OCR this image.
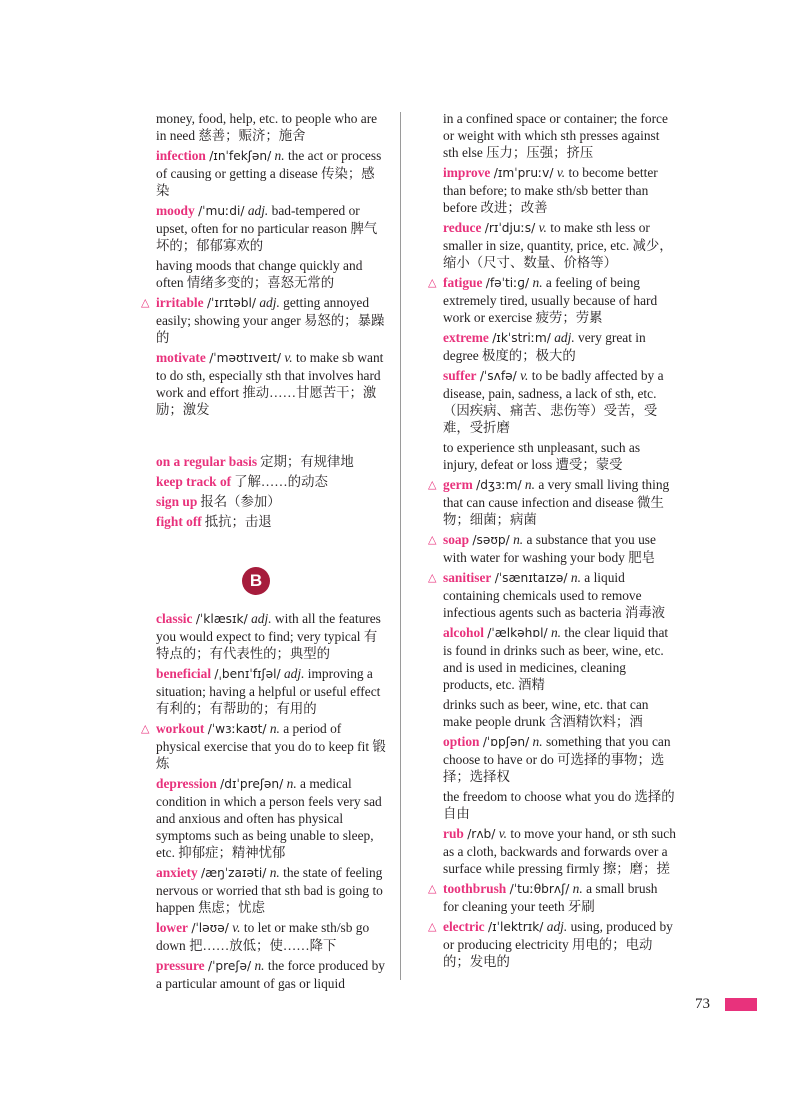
money, food, help, etc. to people who are in need 慈善；赈济；施舍

infection /ɪnˈfekʃən/ n. the act or process of causing or getting a disease 传染；感染

moody /ˈmuːdi/ adj. bad-tempered or upset, often for no particular reason 脾气坏的；郁郁寡欢的

having moods that change quickly and often 情绪多变的；喜怒无常的

△ irritable /ˈɪrɪtəbl/ adj. getting annoyed easily; showing your anger 易怒的；暴躁的

motivate /ˈməʊtɪveɪt/ v. to make sb want to do sth, especially sth that involves hard work and effort 推动……甘愿苦干；激励；激发

on a regular basis 定期；有规律地
keep track of 了解……的动态
sign up 报名（参加）
fight off 抵抗；击退
B

classic /ˈklæsɪk/ adj. with all the features you would expect to find; very typical 有特点的；有代表性的；典型的

beneficial /ˌbenɪˈfɪʃəl/ adj. improving a situation; having a helpful or useful effect 有利的；有帮助的；有用的

△ workout /ˈwɜːkaʊt/ n. a period of physical exercise that you do to keep fit 锻炼

depression /dɪˈpreʃən/ n. a medical condition in which a person feels very sad and anxious and often has physical symptoms such as being unable to sleep, etc. 抑郁症；精神忧郁

anxiety /æŋˈzaɪəti/ n. the state of feeling nervous or worried that sth bad is going to happen 焦虑；忧虑

lower /ˈləʊə/ v. to let or make sth/sb go down 把……放低；使……降下

pressure /ˈpreʃə/ n. the force produced by a particular amount of gas or liquid

in a confined space or container; the force or weight with which sth presses against sth else 压力；压强；挤压

improve /ɪmˈpruːv/ v. to become better than before; to make sth/sb better than before 改进；改善

reduce /rɪˈdjuːs/ v. to make sth less or smaller in size, quantity, price, etc. 减少，缩小（尺寸、数量、价格等）

△ fatigue /fəˈtiːɡ/ n. a feeling of being extremely tired, usually because of hard work or exercise 疲劳；劳累

extreme /ɪkˈstriːm/ adj. very great in degree 极度的；极大的

suffer /ˈsʌfə/ v. to be badly affected by a disease, pain, sadness, a lack of sth, etc.（因疾病、痛苦、悲伤等）受苦，受难，受折磨

to experience sth unpleasant, such as injury, defeat or loss 遭受；蒙受

△ germ /dʒɜːm/ n. a very small living thing that can cause infection and disease 微生物；细菌；病菌

△ soap /səʊp/ n. a substance that you use with water for washing your body 肥皂

△ sanitiser /ˈsænɪtaɪzə/ n. a liquid containing chemicals used to remove infectious agents such as bacteria 消毒液

alcohol /ˈælkəhɒl/ n. the clear liquid that is found in drinks such as beer, wine, etc. and is used in medicines, cleaning products, etc. 酒精

drinks such as beer, wine, etc. that can make people drunk 含酒精饮料；酒

option /ˈɒpʃən/ n. something that you can choose to have or do 可选择的事物；选择；选择权

the freedom to choose what you do 选择的自由

rub /rʌb/ v. to move your hand, or sth such as a cloth, backwards and forwards over a surface while pressing firmly 擦；磨；搓

△ toothbrush /ˈtuːθbrʌʃ/ n. a small brush for cleaning your teeth 牙刷

△ electric /ɪˈlektrɪk/ adj. using, produced by or producing electricity 用电的；电动的；发电的

73
